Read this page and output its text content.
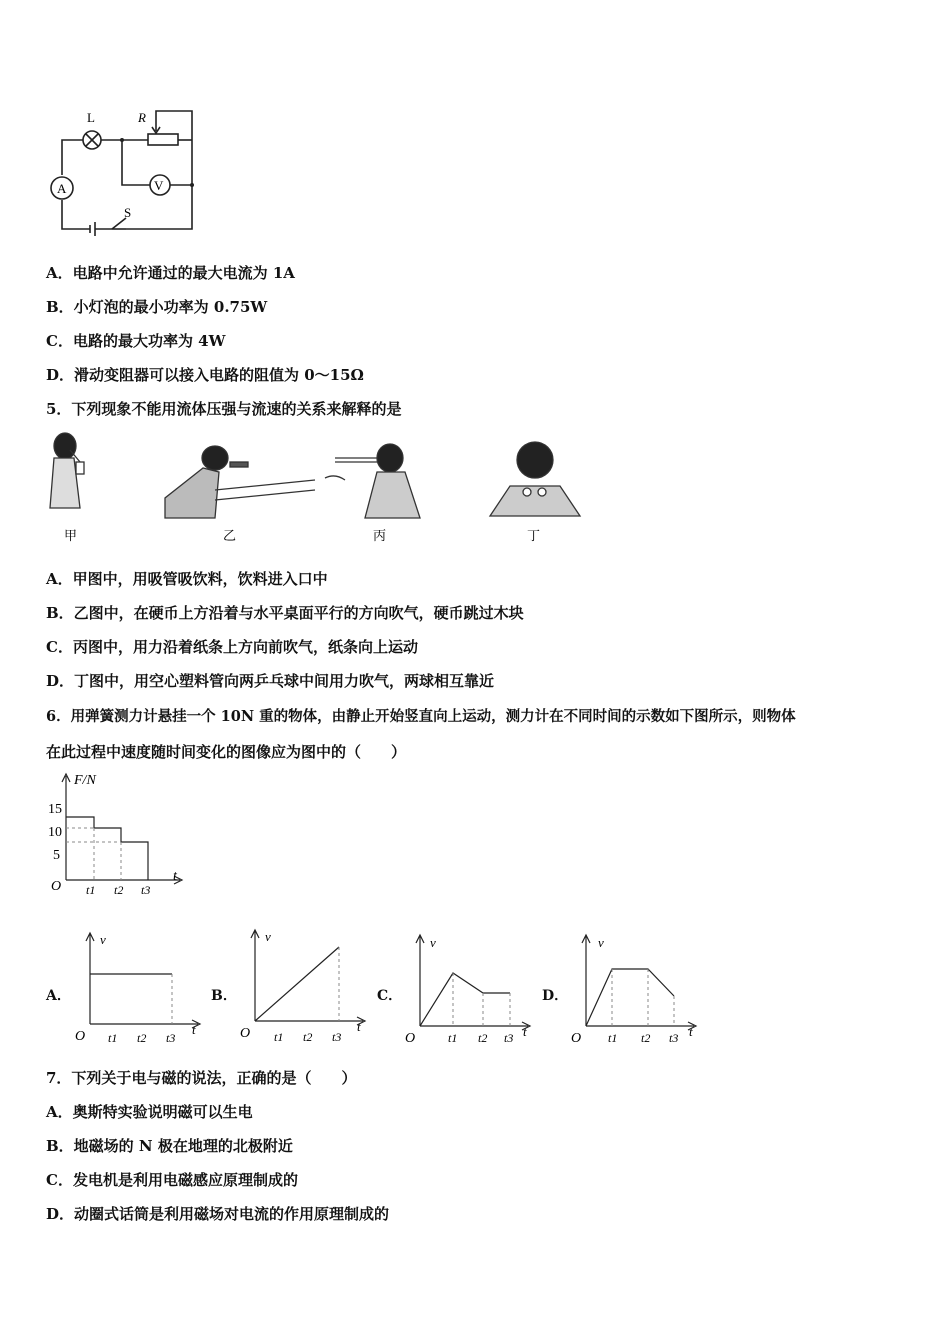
L	R
A	V
S
A．电路中允许通过的最大电流为 1A
B．小灯泡的最小功率为 0.75W
C．电路的最大功率为 4W
D．滑动变阻器可以接入电路的阻值为 0～15Ω
5．下列现象不能用流体压强与流速的关系来解释的是
甲	乙	丙	丁
A．甲图中，用吸管吸饮料，饮料进入口中
B．乙图中，在硬币上方沿着与水平桌面平行的方向吹气，硬币跳过木块
C．丙图中，用力沿着纸条上方向前吹气，纸条向上运动
D．丁图中，用空心塑料管向两乒乓球中间用力吹气，两球相互靠近
6．用弹簧测力计悬挂一个 10N 重的物体，由静止开始竖直向上运动，测力计在不同时间的示数如下图所示，则物体
在此过程中速度随时间变化的图像应为图中的（　　）
F/N
15
10
5
O t1 t2 t3
t
A．
v
O t1 t2 t3
t
B．
v
O t1 t2 t3
t
C．
v
O	t1 t2 t3 t
D．
v
O t1 t2 t3 t
7．下列关于电与磁的说法，正确的是（　　）
A．奥斯特实验说明磁可以生电
B．地磁场的 N 极在地理的北极附近
C．发电机是利用电磁感应原理制成的
D．动圈式话筒是利用磁场对电流的作用原理制成的
